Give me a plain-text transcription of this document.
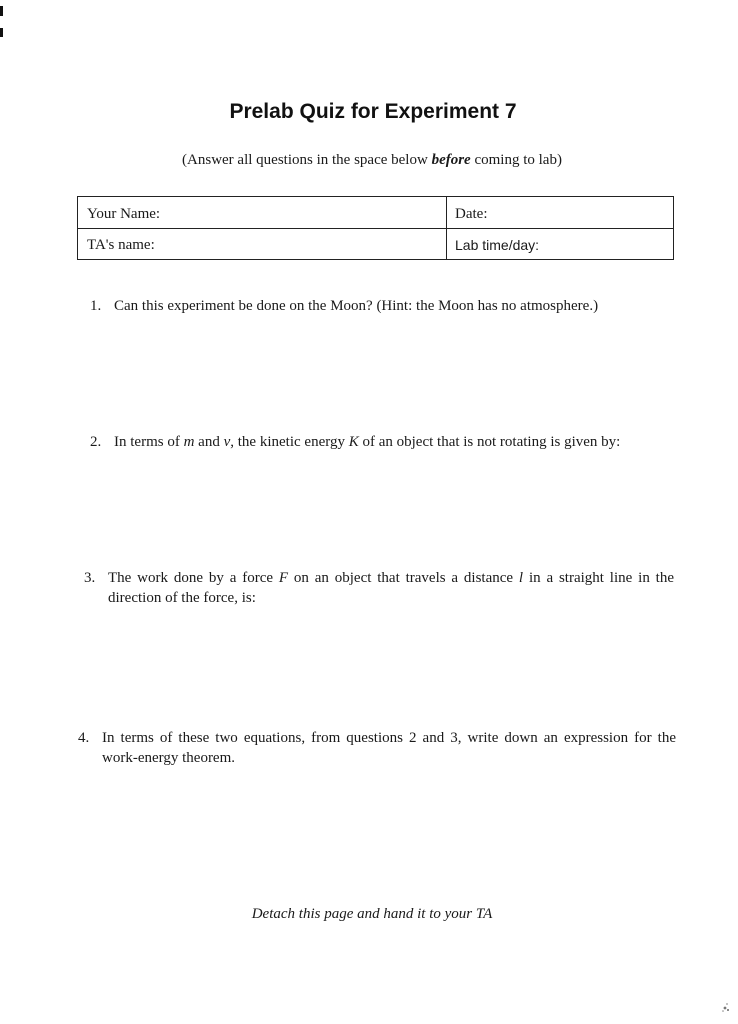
Prelab Quiz for Experiment 7
(Answer all questions in the space below before coming to lab)
Your Name:	Date:
TA's name:	Lab time/day:
1. Can this experiment be done on the Moon? (Hint: the Moon has no atmosphere.)
2. In terms of m and v, the kinetic energy K of an object that is not rotating is given by:
3. The work done by a force F on an object that travels a distance l in a straight line in the
direction of the force, is:
4. In terms of these two equations, from questions 2 and 3, write down an expression for the
work-energy theorem.
Detach this page and hand it to your TA
